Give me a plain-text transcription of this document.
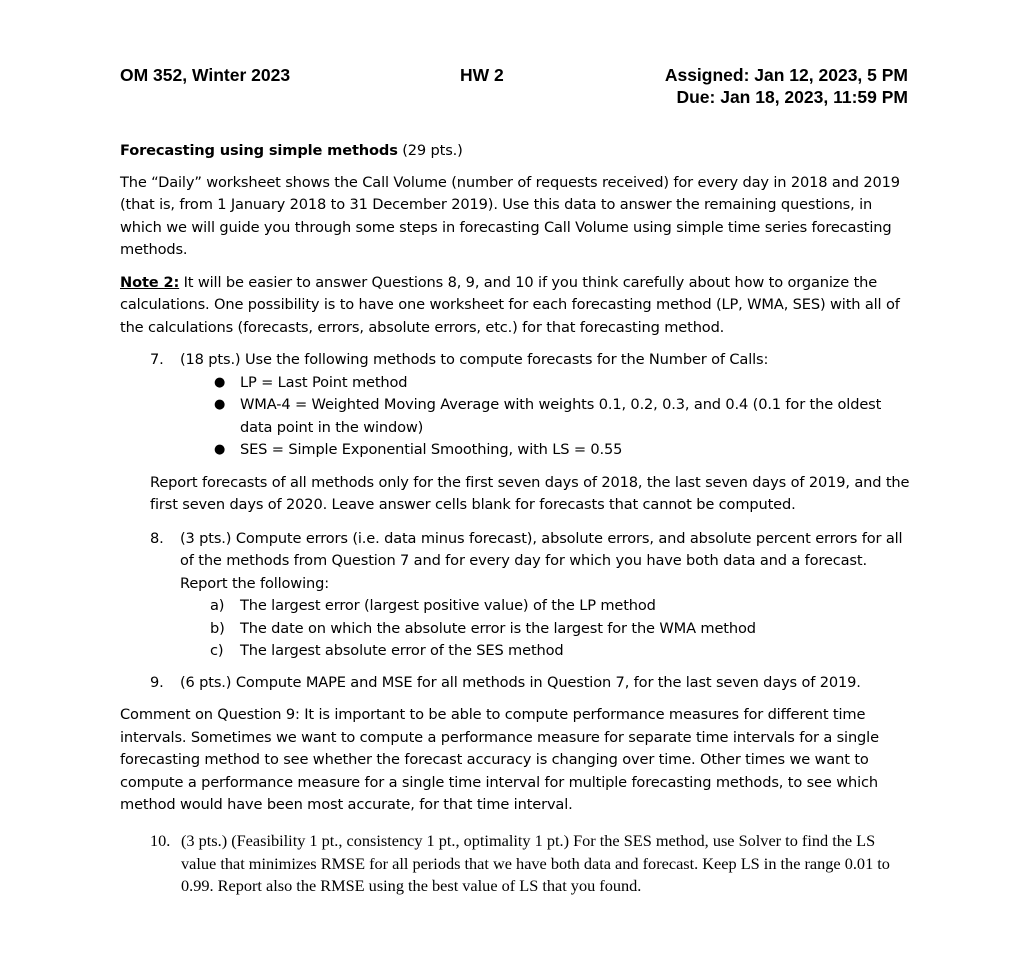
OM 352, Winter 2023	HW 2	Assigned: Jan 12, 2023, 5 PM
Due: Jan 18, 2023, 11:59 PM

Forecasting using simple methods (29 pts.)

The “Daily” worksheet shows the Call Volume (number of requests received) for every day in 2018 and 2019 (that is, from 1 January 2018 to 31 December 2019). Use this data to answer the remaining questions, in which we will guide you through some steps in forecasting Call Volume using simple time series forecasting methods.

Note 2: It will be easier to answer Questions 8, 9, and 10 if you think carefully about how to organize the calculations. One possibility is to have one worksheet for each forecasting method (LP, WMA, SES) with all of the calculations (forecasts, errors, absolute errors, etc.) for that forecasting method.

7. (18 pts.) Use the following methods to compute forecasts for the Number of Calls:
● LP = Last Point method
● WMA-4 = Weighted Moving Average with weights 0.1, 0.2, 0.3, and 0.4 (0.1 for the oldest data point in the window)
● SES = Simple Exponential Smoothing, with LS = 0.55

Report forecasts of all methods only for the first seven days of 2018, the last seven days of 2019, and the first seven days of 2020. Leave answer cells blank for forecasts that cannot be computed.

8. (3 pts.) Compute errors (i.e. data minus forecast), absolute errors, and absolute percent errors for all of the methods from Question 7 and for every day for which you have both data and a forecast. Report the following:
a) The largest error (largest positive value) of the LP method
b) The date on which the absolute error is the largest for the WMA method
c) The largest absolute error of the SES method
9. (6 pts.) Compute MAPE and MSE for all methods in Question 7, for the last seven days of 2019.

Comment on Question 9: It is important to be able to compute performance measures for different time intervals. Sometimes we want to compute a performance measure for separate time intervals for a single forecasting method to see whether the forecast accuracy is changing over time. Other times we want to compute a performance measure for a single time interval for multiple forecasting methods, to see which method would have been most accurate, for that time interval.

10. (3 pts.) (Feasibility 1 pt., consistency 1 pt., optimality 1 pt.) For the SES method, use Solver to find the LS value that minimizes RMSE for all periods that we have both data and forecast. Keep LS in the range 0.01 to 0.99. Report also the RMSE using the best value of LS that you found.
